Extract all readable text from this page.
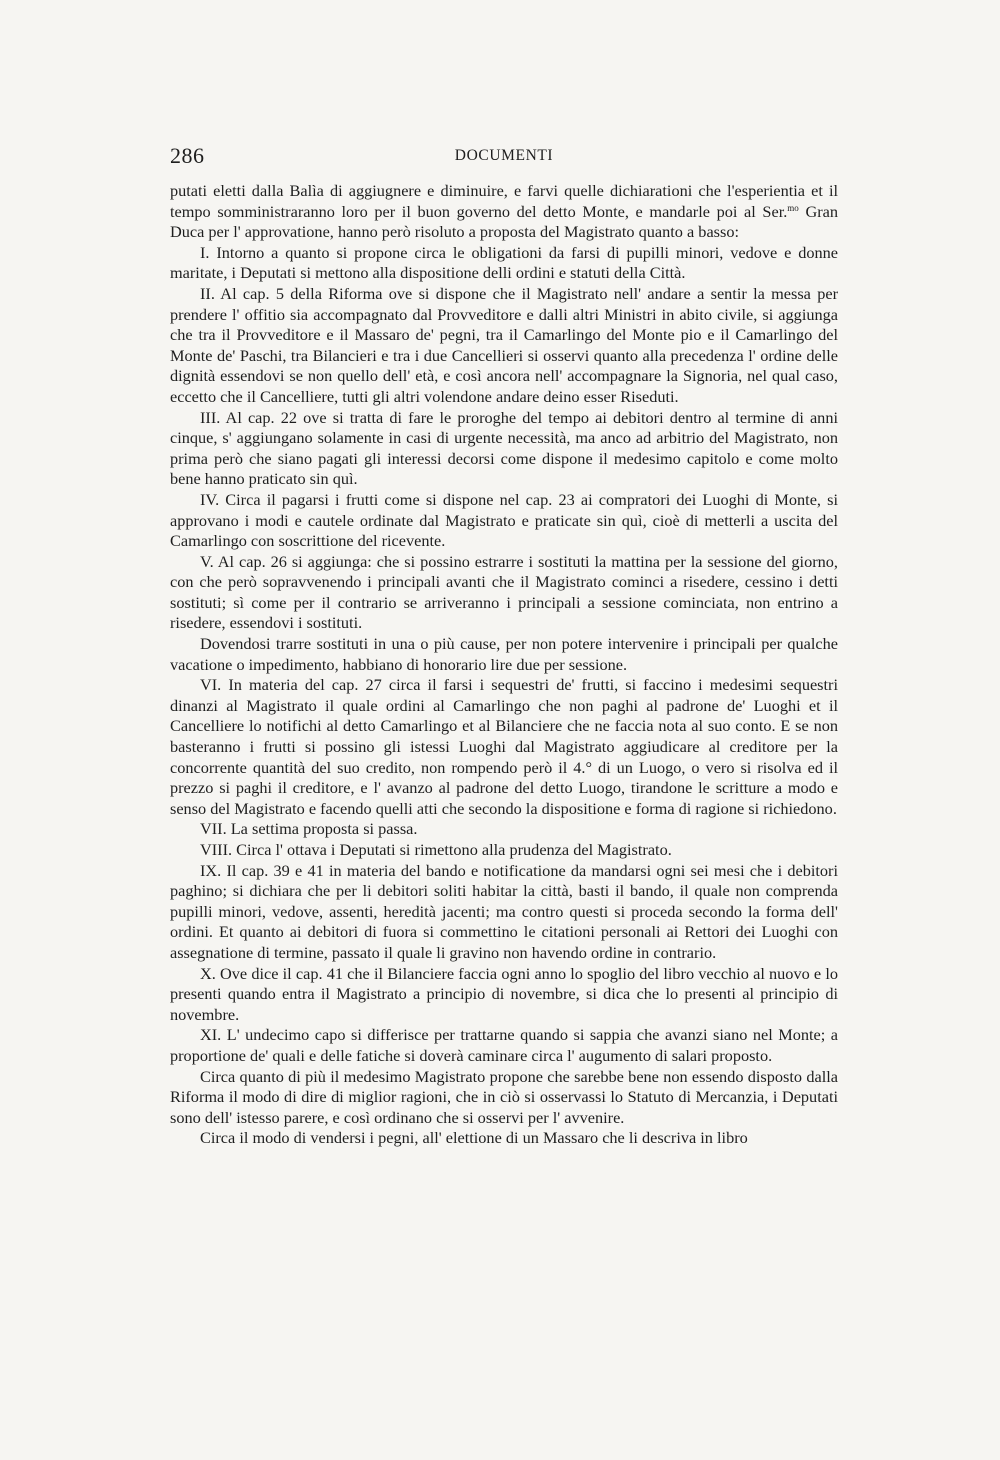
286	DOCUMENTI

putati eletti dalla Balìa di aggiugnere e diminuire, e farvi quelle dichiarationi che l'esperientia et il tempo somministraranno loro per il buon governo del detto Monte, e mandarle poi al Ser.$^{mo}$ Gran Duca per l' approvatione, hanno però risoluto a proposta del Magistrato quanto a basso:

I. Intorno a quanto si propone circa le obligationi da farsi di pupilli minori, vedove e donne maritate, i Deputati si mettono alla dispositione delli ordini e statuti della Città.

II. Al cap. 5 della Riforma ove si dispone che il Magistrato nell' andare a sentir la messa per prendere l' offitio sia accompagnato dal Provveditore e dalli altri Ministri in abito civile, si aggiunga che tra il Provveditore e il Massaro de' pegni, tra il Camarlingo del Monte pio e il Camarlingo del Monte de' Paschi, tra Bilancieri e tra i due Cancellieri si osservi quanto alla precedenza l' ordine delle dignità essendovi se non quello dell' età, e così ancora nell' accompagnare la Signoria, nel qual caso, eccetto che il Cancelliere, tutti gli altri volendone andare deino esser Riseduti.

III. Al cap. 22 ove si tratta di fare le proroghe del tempo ai debitori dentro al termine di anni cinque, s' aggiungano solamente in casi di urgente necessità, ma anco ad arbitrio del Magistrato, non prima però che siano pagati gli interessi decorsi come dispone il medesimo capitolo e come molto bene hanno praticato sin quì.

IV. Circa il pagarsi i frutti come si dispone nel cap. 23 ai compratori dei Luoghi di Monte, si approvano i modi e cautele ordinate dal Magistrato e praticate sin quì, cioè di metterli a uscita del Camarlingo con soscrittione del ricevente.

V. Al cap. 26 si aggiunga: che si possino estrarre i sostituti la mattina per la sessione del giorno, con che però sopravvenendo i principali avanti che il Magistrato cominci a risedere, cessino i detti sostituti; sì come per il contrario se arriveranno i principali a sessione cominciata, non entrino a risedere, essendovi i sostituti.

Dovendosi trarre sostituti in una o più cause, per non potere intervenire i principali per qualche vacatione o impedimento, habbiano di honorario lire due per sessione.

VI. In materia del cap. 27 circa il farsi i sequestri de' frutti, si faccino i medesimi sequestri dinanzi al Magistrato il quale ordini al Camarlingo che non paghi al padrone de' Luoghi et il Cancelliere lo notifichi al detto Camarlingo et al Bilanciere che ne faccia nota al suo conto. E se non basteranno i frutti si possino gli istessi Luoghi dal Magistrato aggiudicare al creditore per la concorrente quantità del suo credito, non rompendo però il 4.° di un Luogo, o vero si risolva ed il prezzo si paghi il creditore, e l' avanzo al padrone del detto Luogo, tirandone le scritture a modo e senso del Magistrato e facendo quelli atti che secondo la dispositione e forma di ragione si richiedono.

VII. La settima proposta si passa.

VIII. Circa l' ottava i Deputati si rimettono alla prudenza del Magistrato.

IX. Il cap. 39 e 41 in materia del bando e notificatione da mandarsi ogni sei mesi che i debitori paghino; si dichiara che per li debitori soliti habitar la città, basti il bando, il quale non comprenda pupilli minori, vedove, assenti, heredità jacenti; ma contro questi si proceda secondo la forma dell' ordini. Et quanto ai debitori di fuora si commettino le citationi personali ai Rettori dei Luoghi con assegnatione di termine, passato il quale li gravino non havendo ordine in contrario.

X. Ove dice il cap. 41 che il Bilanciere faccia ogni anno lo spoglio del libro vecchio al nuovo e lo presenti quando entra il Magistrato a principio di novembre, si dica che lo presenti al principio di novembre.

XI. L' undecimo capo si differisce per trattarne quando si sappia che avanzi siano nel Monte; a proportione de' quali e delle fatiche si doverà caminare circa l' augumento di salari proposto.

Circa quanto di più il medesimo Magistrato propone che sarebbe bene non essendo disposto dalla Riforma il modo di dire di miglior ragioni, che in ciò si osservassi lo Statuto di Mercanzia, i Deputati sono dell' istesso parere, e così ordinano che si osservi per l' avvenire.

Circa il modo di vendersi i pegni, all' elettione di un Massaro che li descriva in libro
